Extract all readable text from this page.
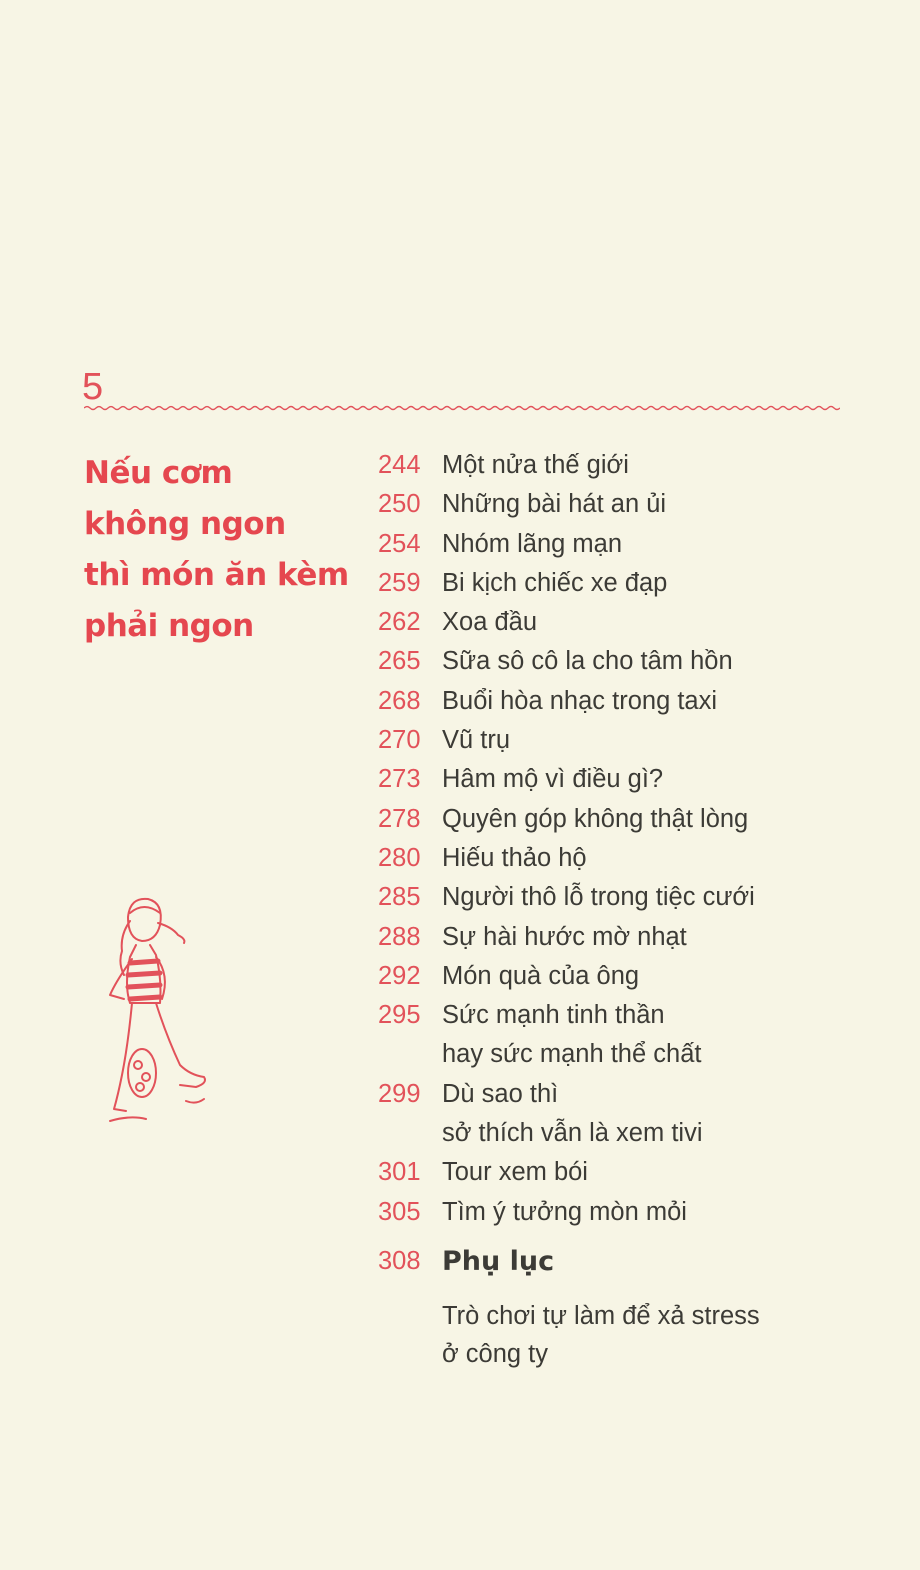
5
Nếu cơm
không ngon
thì món ăn kèm
phải ngon
244 Một nửa thế giới
250 Những bài hát an ủi
254 Nhóm lãng mạn
259 Bi kịch chiếc xe đạp
262 Xoa đầu
265 Sữa sô cô la cho tâm hồn
268 Buổi hòa nhạc trong taxi
270 Vũ trụ
273 Hâm mộ vì điều gì?
278 Quyên góp không thật lòng
280 Hiếu thảo hộ
285 Người thô lỗ trong tiệc cưới
288 Sự hài hước mờ nhạt
292 Món quà của ông
295 Sức mạnh tinh thần
hay sức mạnh thể chất
299 Dù sao thì
sở thích vẫn là xem tivi
301 Tour xem bói
305 Tìm ý tưởng mòn mỏi
308 Phụ lục
Trò chơi tự làm để xả stress
ở công ty
